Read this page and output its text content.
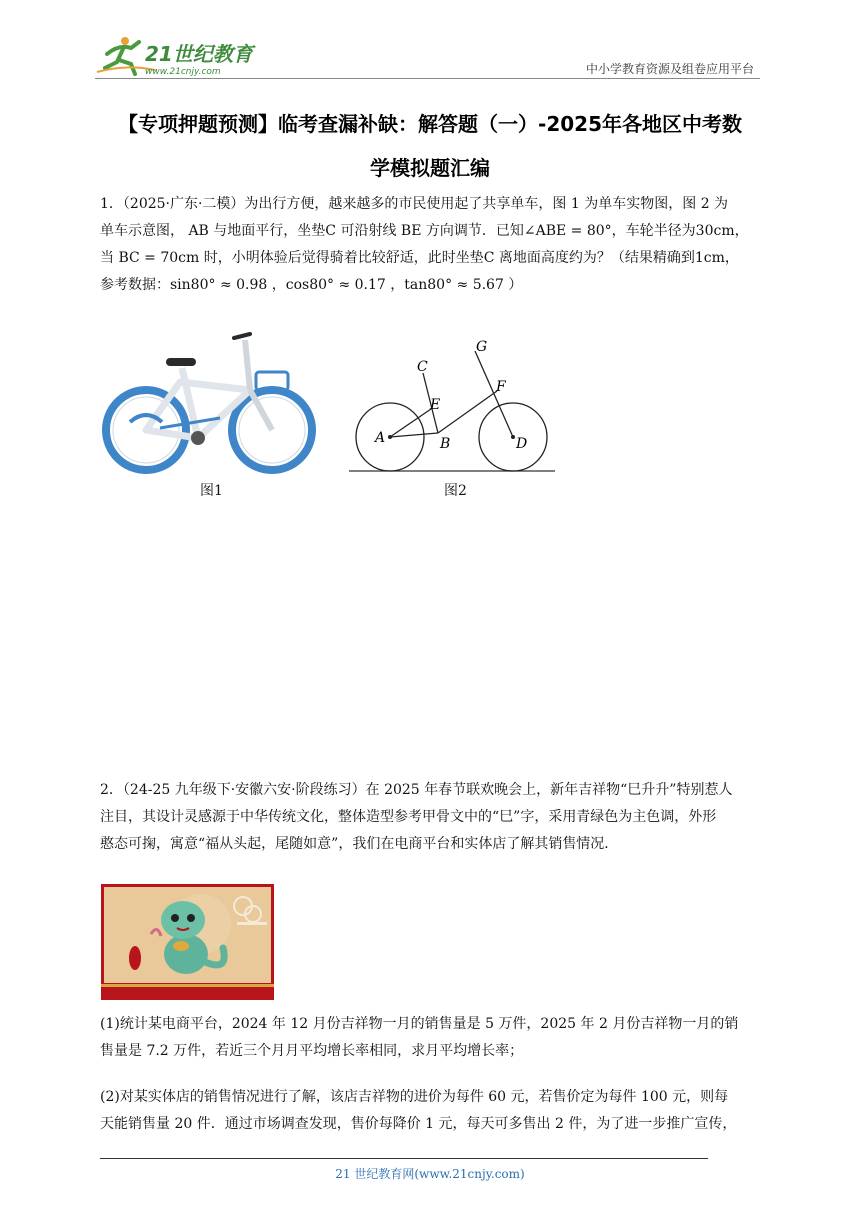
21世纪教育
www.21cnjy.com	中小学教育资源及组卷应用平台
【专项押题预测】临考查漏补缺：解答题（一）-2025年各地区中考数
学模拟题汇编
1．（2025·广东·二模）为出行方便，越来越多的市民使用起了共享单车，图 1 为单车实物图，图 2 为
单车示意图， AB 与地面平行，坐垫C 可沿射线 BE 方向调节．已知∠ABE = 80°，车轮半径为30cm，
当 BC = 70cm 时，小明体验后觉得骑着比较舒适，此时坐垫C 离地面高度约为？（结果精确到1cm，
参考数据：sin80° ≈ 0.98 ，cos80° ≈ 0.17 ，tan80° ≈ 5.67 ）
图1
C
E
A	B
G
F
D
图2
2．（24-25 九年级下·安徽六安·阶段练习）在 2025 年春节联欢晚会上，新年吉祥物“巳升升”特别惹人
注目，其设计灵感源于中华传统文化，整体造型参考甲骨文中的“巳”字，采用青绿色为主色调，外形
憨态可掬，寓意“福从头起，尾随如意”，我们在电商平台和实体店了解其销售情况．
(1)统计某电商平台，2024 年 12 月份吉祥物一月的销售量是 5 万件，2025 年 2 月份吉祥物一月的销
售量是 7.2 万件，若近三个月月平均增长率相同，求月平均增长率；
(2)对某实体店的销售情况进行了解，该店吉祥物的进价为每件 60 元，若售价定为每件 100 元，则每
天能销售量 20 件．通过市场调查发现，售价每降价 1 元，每天可多售出 2 件，为了进一步推广宣传，
21 世纪教育网(www.21cnjy.com)
